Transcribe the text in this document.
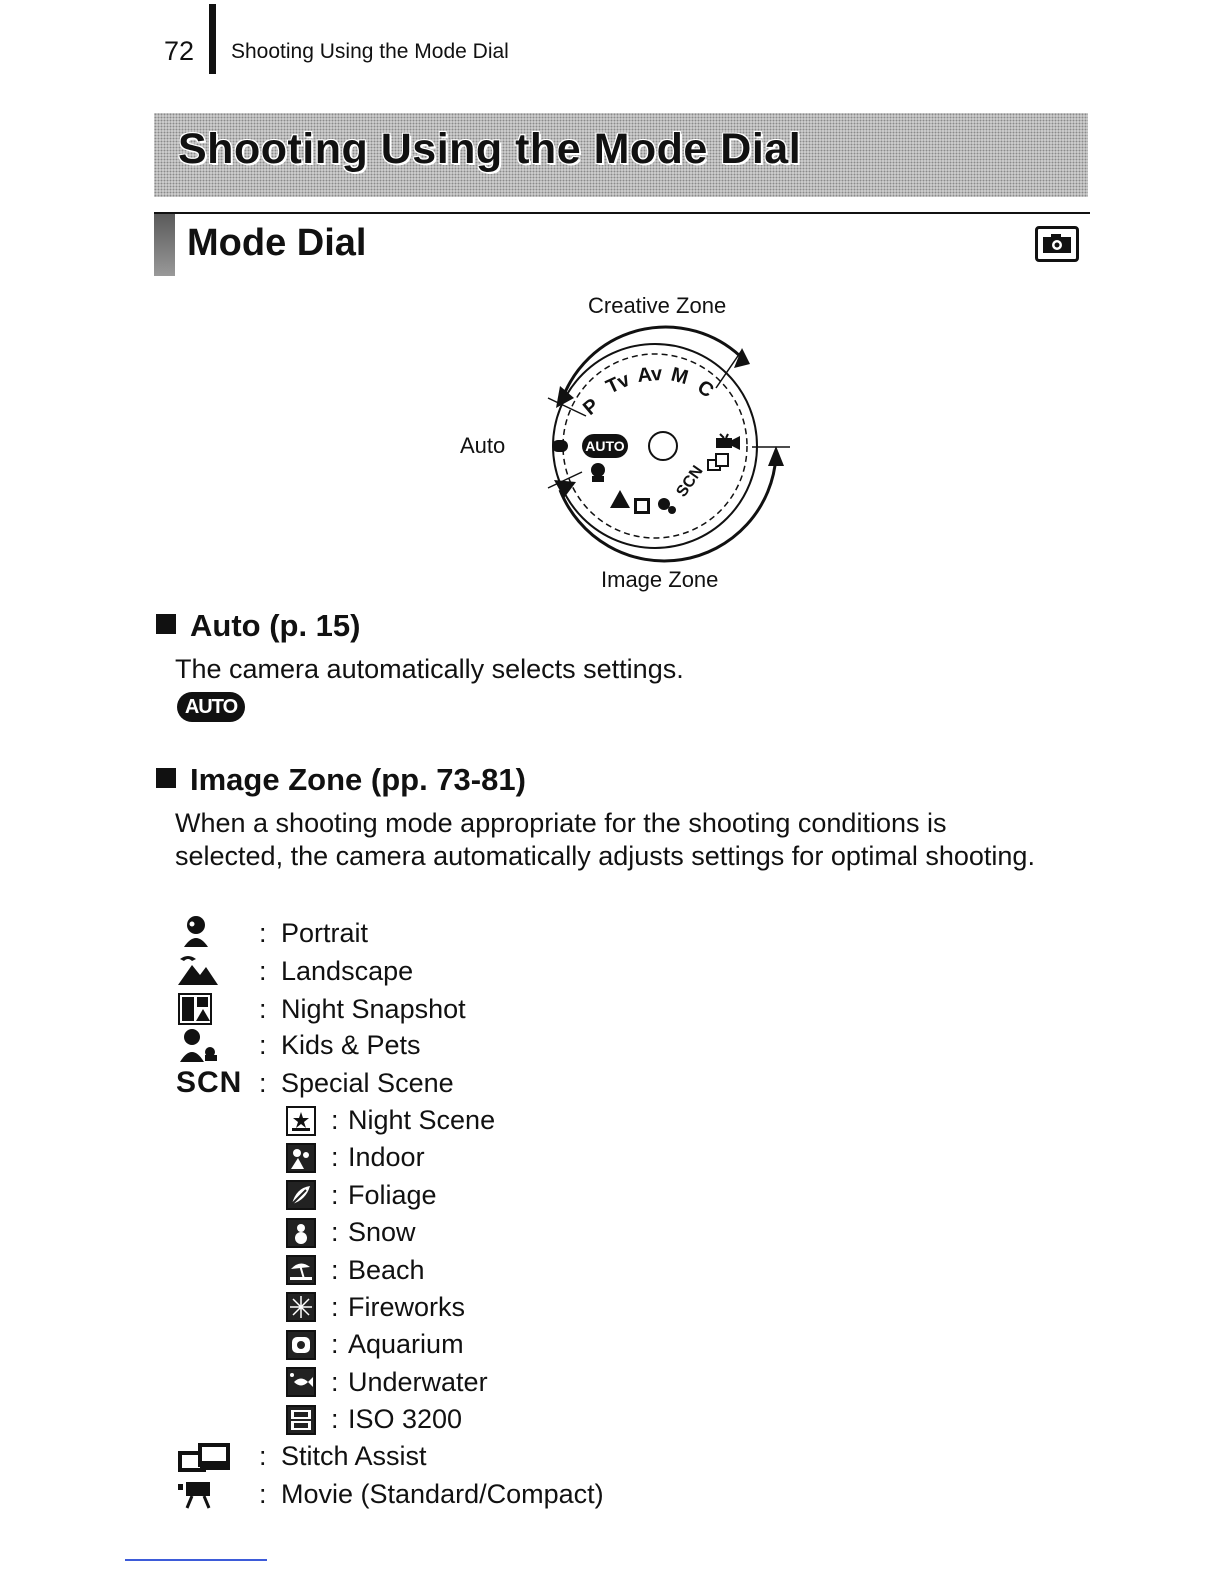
72 Shooting Using the Mode Dial
Shooting Using the Mode Dial
Mode Dial
Creative Zone
Auto
Image Zone
AUTO
P
Tv Av M C
SCN
Auto (p. 15)
The camera automatically selects settings.
AUTO
Image Zone (pp. 73-81)
When a shooting mode appropriate for the shooting conditions is selected, the camera automatically adjusts settings for optimal shooting.
: Portrait
: Landscape
: Night Snapshot
: Kids & Pets
SCN : Special Scene
: Night Scene
: Indoor
: Foliage
: Snow
: Beach
: Fireworks
: Aquarium
: Underwater
: ISO 3200
: Stitch Assist
: Movie (Standard/Compact)
